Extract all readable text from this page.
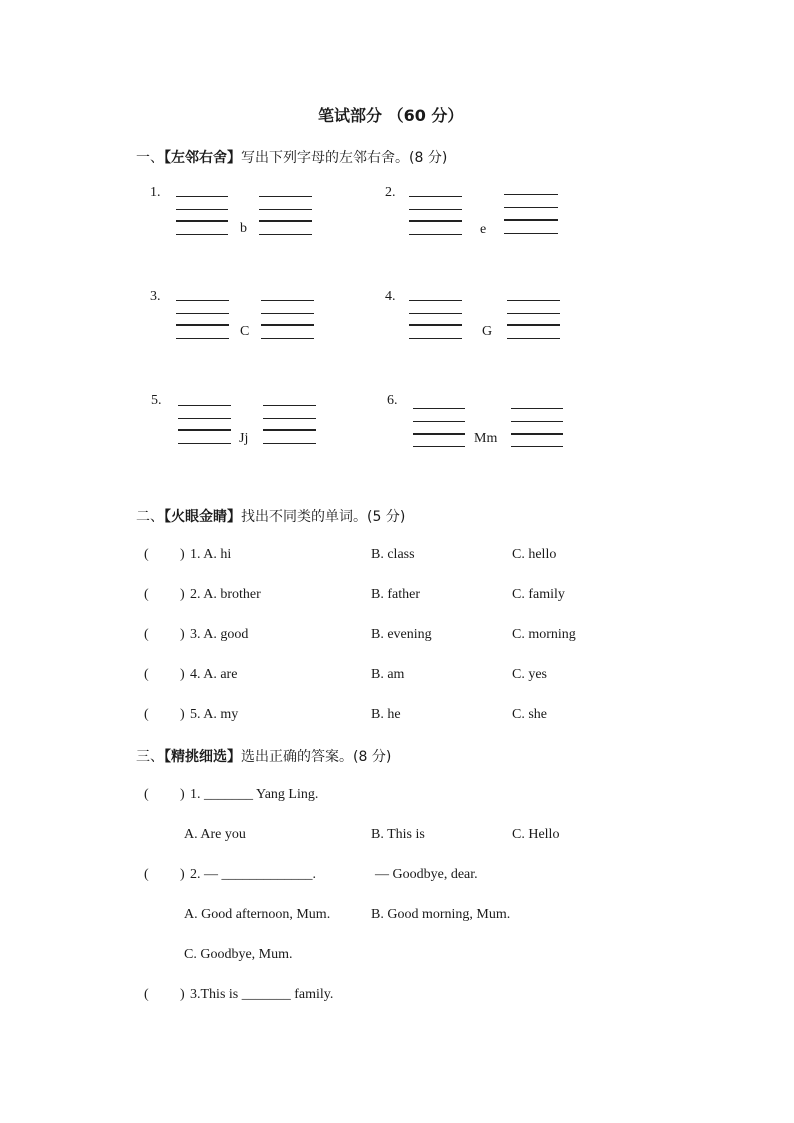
笔试部分 （60 分）
一、【左邻右舍】写出下列字母的左邻右舍。(8 分)
1.
b
2.
e
3.
C
4.
G
5.
Jj
6.
Mm
二、【火眼金睛】找出不同类的单词。(5 分)
( ) 1. A. hi	B. class	C. hello
( ) 2. A. brother	B. father	C. family
( ) 3. A. good	B. evening	C. morning
( ) 4. A. are	B. am	C. yes
( ) 5. A. my	B. he	C. she
三、【精挑细选】选出正确的答案。(8 分)
( ) 1. _______ Yang Ling.
A. Are you	B. This is	C. Hello
( ) 2. — _____________.	— Goodbye, dear.
A. Good afternoon, Mum.	B. Good morning, Mum.
C. Goodbye, Mum.
( ) 3.This is _______ family.
